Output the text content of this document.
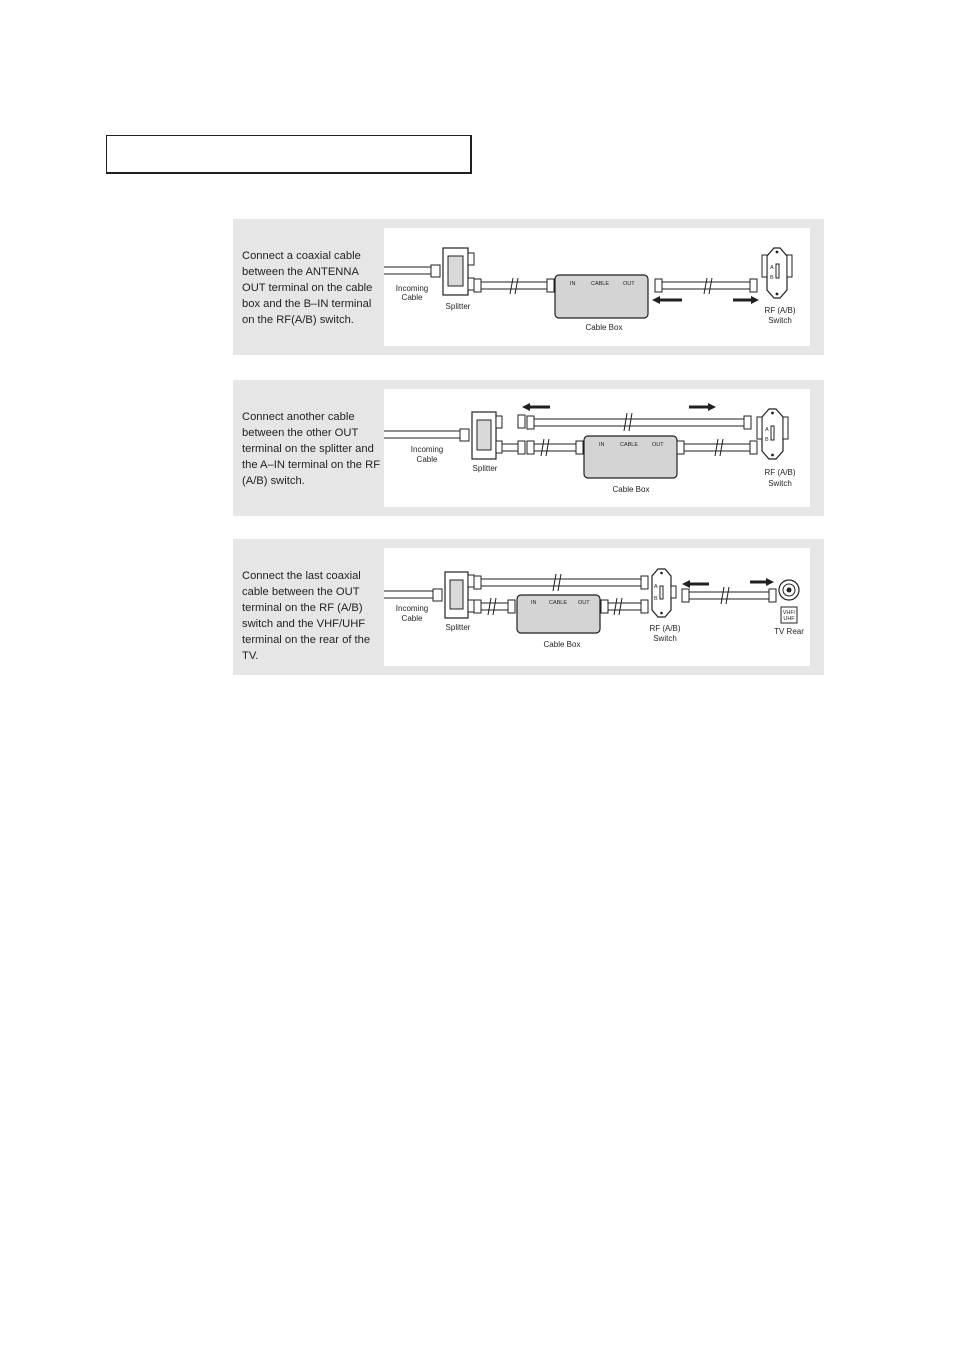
Connect a coaxial cable between the ANTENNA OUT terminal on the cable box and the B–IN terminal on the RF(A/B) switch.
IN	CABLE	OUT
A
B
Incoming
Cable
Splitter
Cable Box
RF (A/B)
Switch
Connect another cable between the other OUT terminal on the splitter and the A–IN terminal on the RF (A/B) switch.
IN	CABLE	OUT
A
B
Incoming
Cable
Splitter
Cable Box
RF (A/B)
Switch
Connect the last coaxial cable between the OUT terminal on the RF (A/B) switch and the VHF/UHF terminal on the rear of the TV.
IN CABLE OUT
A
B
VHF/
UHF
Incoming
Cable
Splitter
Cable Box
RF (A/B)
Switch
TV Rear
